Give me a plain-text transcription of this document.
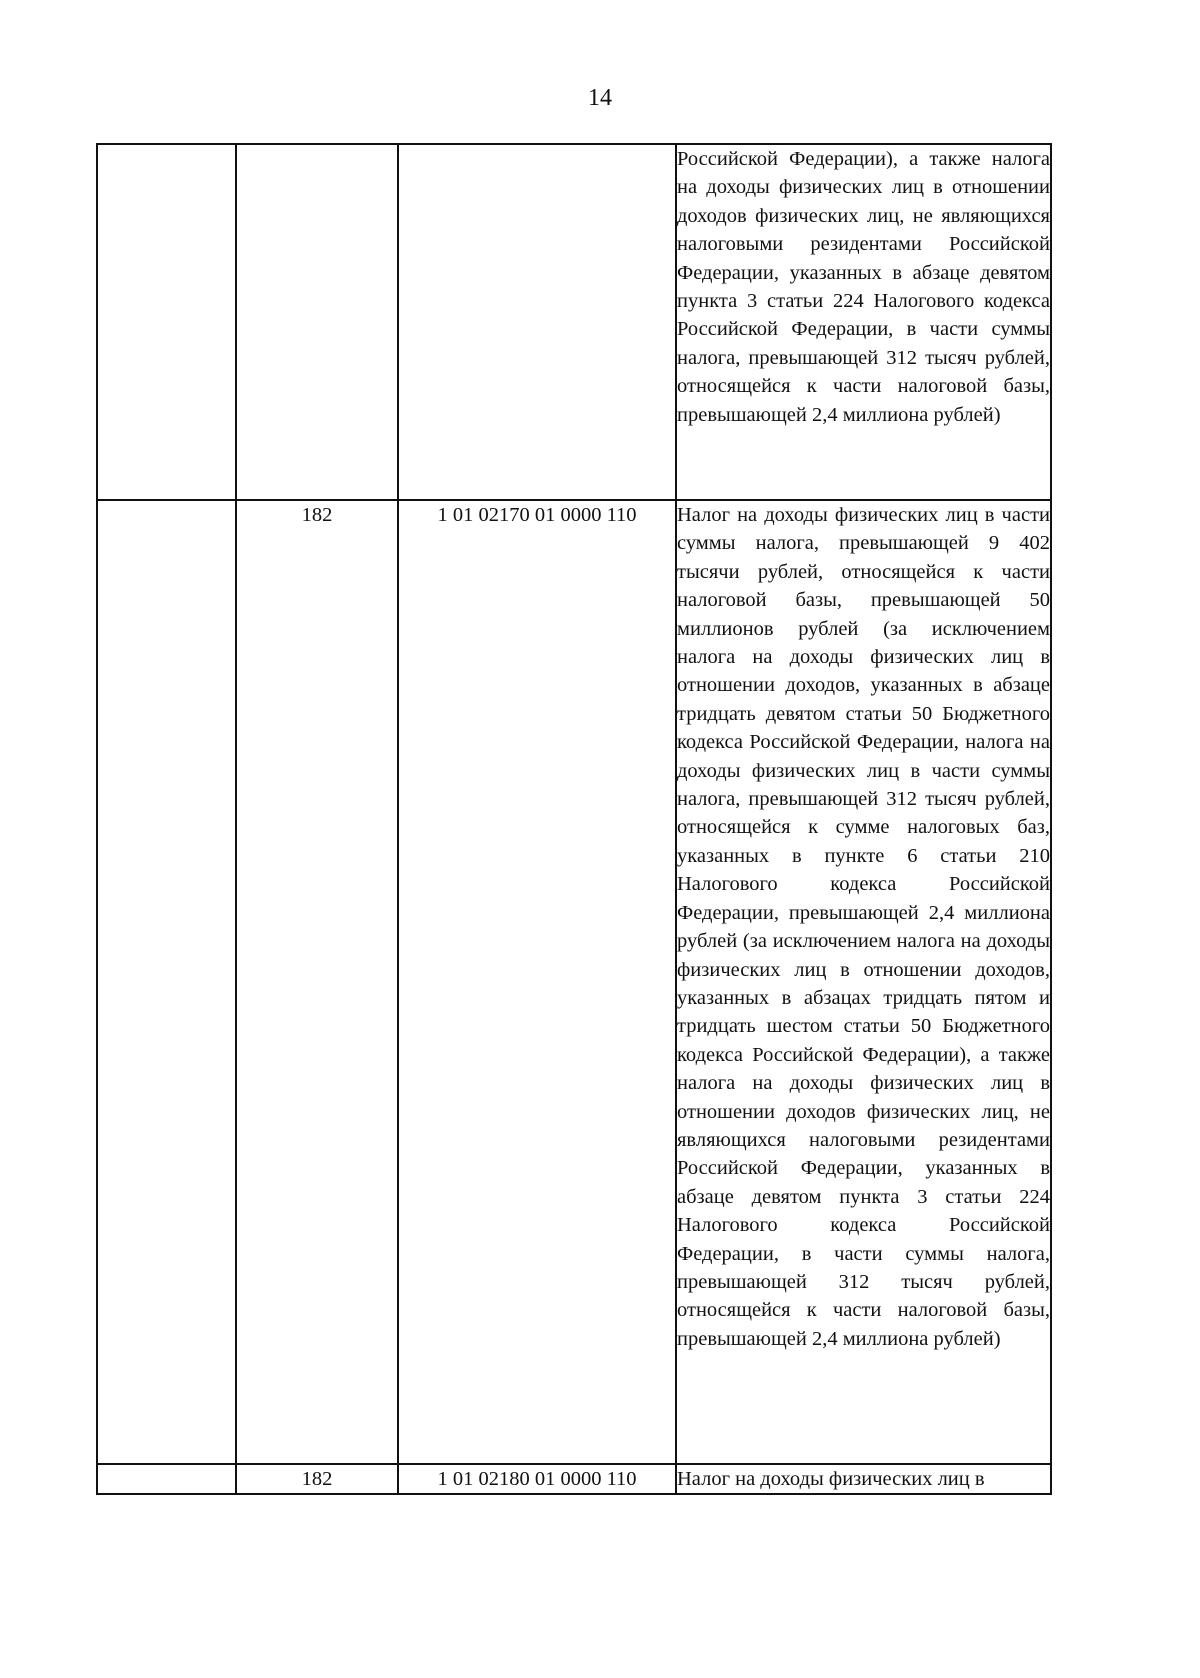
14
			Российской Федерации), а также налога на доходы физических лиц в отношении доходов физических лиц, не являющихся налоговыми резидентами Российской Федерации, указанных в абзаце девятом пункта 3 статьи 224 Налогового кодекса Российской Федерации, в части суммы налога, превышающей 312 тысяч рублей, относящейся к части налоговой базы, превышающей 2,4 миллиона рублей)
	182	1 01 02170 01 0000 110	Налог на доходы физических лиц в части суммы налога, превышающей 9 402 тысячи рублей, относящейся к части налоговой базы, превышающей 50 миллионов рублей (за исключением налога на доходы физических лиц в отношении доходов, указанных в абзаце тридцать девятом статьи 50 Бюджетного кодекса Российской Федерации, налога на доходы физических лиц в части суммы налога, превышающей 312 тысяч рублей, относящейся к сумме налоговых баз, указанных в пункте 6 статьи 210 Налогового кодекса Российской Федерации, превышающей 2,4 миллиона рублей (за исключением налога на доходы физических лиц в отношении доходов, указанных в абзацах тридцать пятом и тридцать шестом статьи 50 Бюджетного кодекса Российской Федерации), а также налога на доходы физических лиц в отношении доходов физических лиц, не являющихся налоговыми резидентами Российской Федерации, указанных в абзаце девятом пункта 3 статьи 224 Налогового кодекса Российской Федерации, в части суммы налога, превышающей 312 тысяч рублей, относящейся к части налоговой базы, превышающей 2,4 миллиона рублей)
	182	1 01 02180 01 0000 110	Налог на доходы физических лиц в
